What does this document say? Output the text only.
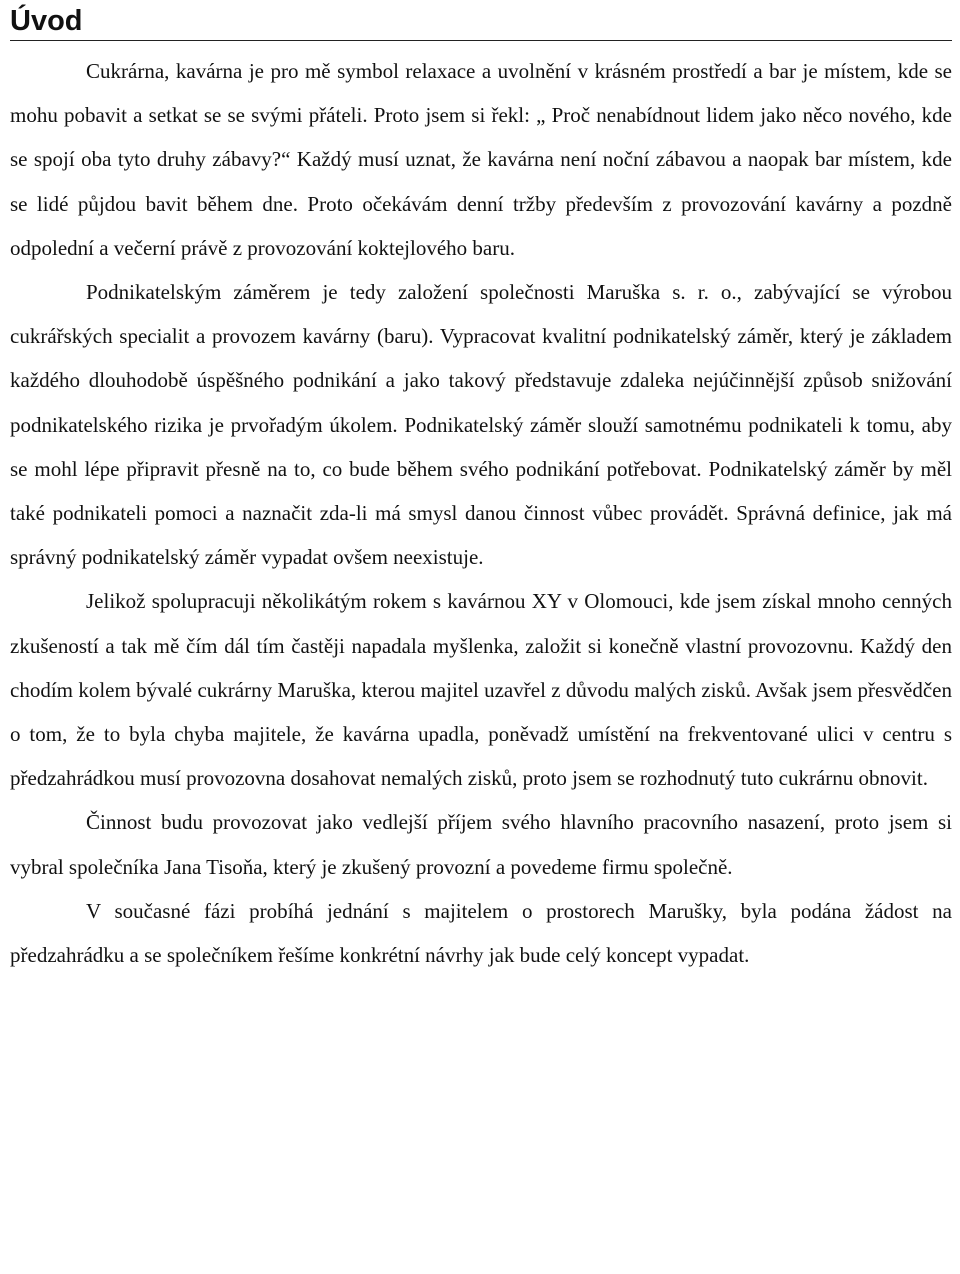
Úvod

Cukrárna, kavárna je pro mě symbol relaxace a uvolnění v krásném prostředí a bar je místem, kde se mohu pobavit a setkat se se svými přáteli. Proto jsem si řekl: „ Proč nenabídnout lidem jako něco nového, kde se spojí oba tyto druhy zábavy?“ Každý musí uznat, že kavárna není noční zábavou a naopak bar místem, kde se lidé půjdou bavit během dne. Proto očekávám denní tržby především z provozování kavárny a pozdně odpolední a večerní právě z provozování koktejlového baru.

Podnikatelským záměrem je tedy založení společnosti Maruška s. r. o., zabývající se výrobou cukrářských specialit a provozem kavárny (baru). Vypracovat kvalitní podnikatelský záměr, který je základem každého dlouhodobě úspěšného podnikání a jako takový představuje zdaleka nejúčinnější způsob snižování podnikatelského rizika je prvořadým úkolem. Podnikatelský záměr slouží samotnému podnikateli k tomu, aby se mohl lépe připravit přesně na to, co bude během svého podnikání potřebovat. Podnikatelský záměr by měl také podnikateli pomoci a naznačit zda-li má smysl danou činnost vůbec provádět. Správná definice, jak má správný podnikatelský záměr vypadat ovšem neexistuje.

Jelikož spolupracuji několikátým rokem s kavárnou XY v Olomouci, kde jsem získal mnoho cenných zkušeností a tak mě čím dál tím častěji napadala myšlenka, založit si konečně vlastní provozovnu. Každý den chodím kolem bývalé cukrárny Maruška, kterou majitel uzavřel z důvodu malých zisků. Avšak jsem přesvědčen o tom, že to byla chyba majitele, že kavárna upadla, poněvadž umístění na frekventované ulici v centru s předzahrádkou musí provozovna dosahovat nemalých zisků, proto jsem se rozhodnutý tuto cukrárnu obnovit.

Činnost budu provozovat jako vedlejší příjem svého hlavního pracovního nasazení, proto jsem si vybral společníka Jana Tisoňa, který je zkušený provozní a povedeme firmu společně.

V současné fázi probíhá jednání s majitelem o prostorech Marušky, byla podána žádost na předzahrádku a se společníkem řešíme konkrétní návrhy jak bude celý koncept vypadat.
